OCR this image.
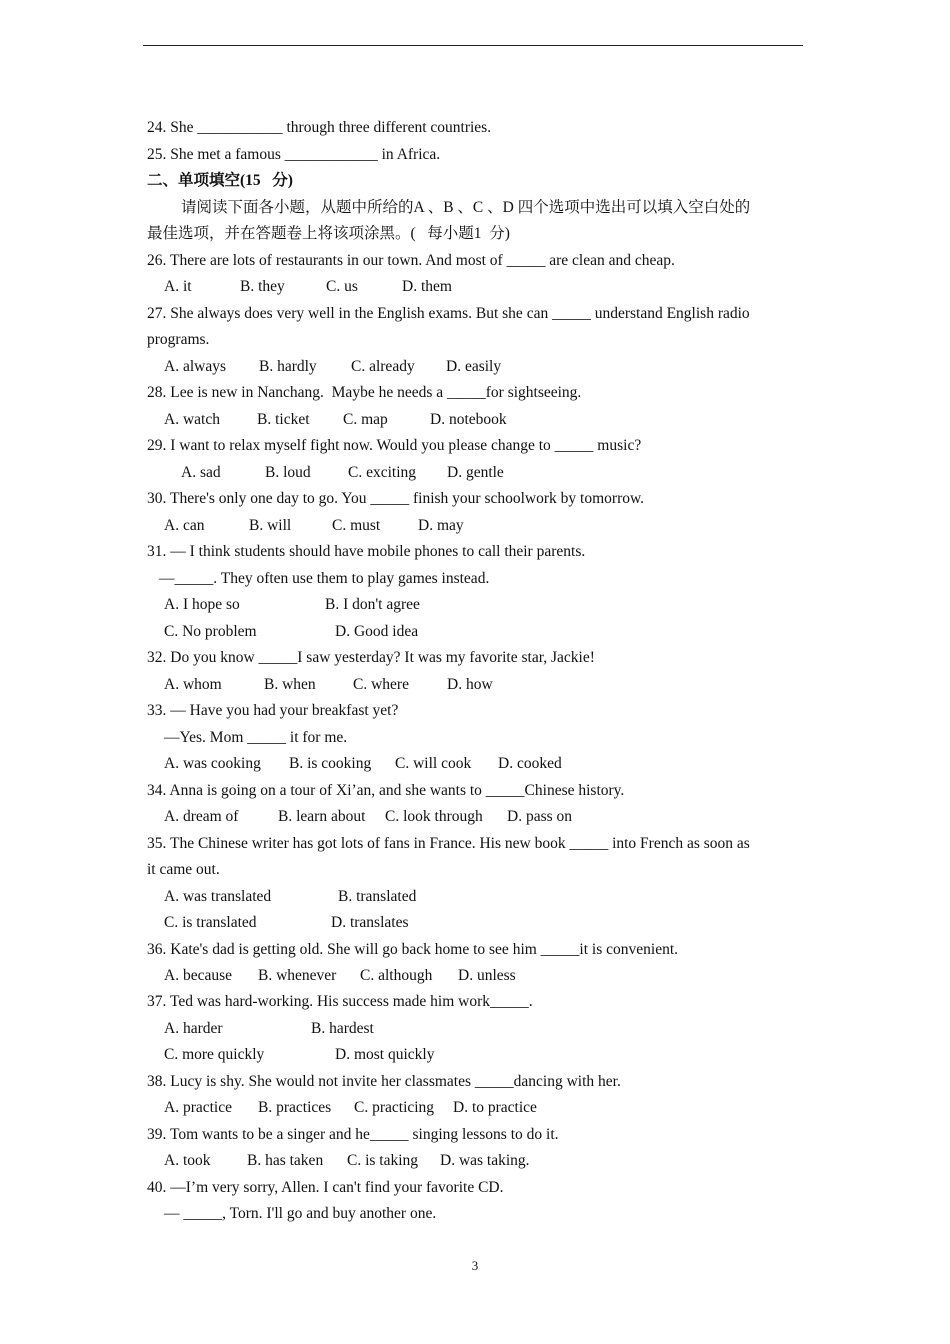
24. She ___________ through three different countries.
25. She met a famous ____________ in Africa.
二、单项填空(15   分)
请阅读下面各小题，从题中所给的A 、B 、C 、D 四个选项中选出可以填入空白处的
最佳选项，并在答题卷上将该项涂黑。(   每小题1  分)
26. There are lots of restaurants in our town. And most of _____ are clean and cheap.
A. it	B. they	C. us	D. them
27. She always does very well in the English exams. But she can _____ understand English radio
programs.
A. always B. hardly C. already D. easily
28. Lee is new in Nanchang.  Maybe he needs a _____for sightseeing.
A. watch B. ticket C. map	D. notebook
29. I want to relax myself fight now. Would you please change to _____ music?
A. sad	B. loud C. exciting D. gentle
30. There's only one day to go. You _____ finish your schoolwork by tomorrow.
A. can	B. will	C. must D. may
31. — I think students should have mobile phones to call their parents.
—_____. They often use them to play games instead.
A. I hope so	B. I don't agree
C. No problem	D. Good idea
32. Do you know _____I saw yesterday? It was my favorite star, Jackie!
A. whom	B. when C. where D. how
33. — Have you had your breakfast yet?
—Yes. Mom _____ it for me.
A. was cooking B. is cooking C. will cook D. cooked
34. Anna is going on a tour of Xi’an, and she wants to _____Chinese history.
A. dream of	B. learn about C. look through D. pass on
35. The Chinese writer has got lots of fans in France. His new book _____ into French as soon as
it came out.
A. was translated	B. translated
C. is translated	D. translates
36. Kate's dad is getting old. She will go back home to see him _____it is convenient.
A. because B. whenever C. although D. unless
37. Ted was hard-working. His success made him work_____.
A. harder	B. hardest
C. more quickly	D. most quickly
38. Lucy is shy. She would not invite her classmates _____dancing with her.
A. practice B. practices C. practicing D. to practice
39. Tom wants to be a singer and he_____ singing lessons to do it.
A. took B. has taken C. is taking D. was taking.
40. —I’m very sorry, Allen. I can't find your favorite CD.
— _____, Torn. I'll go and buy another one.
3
